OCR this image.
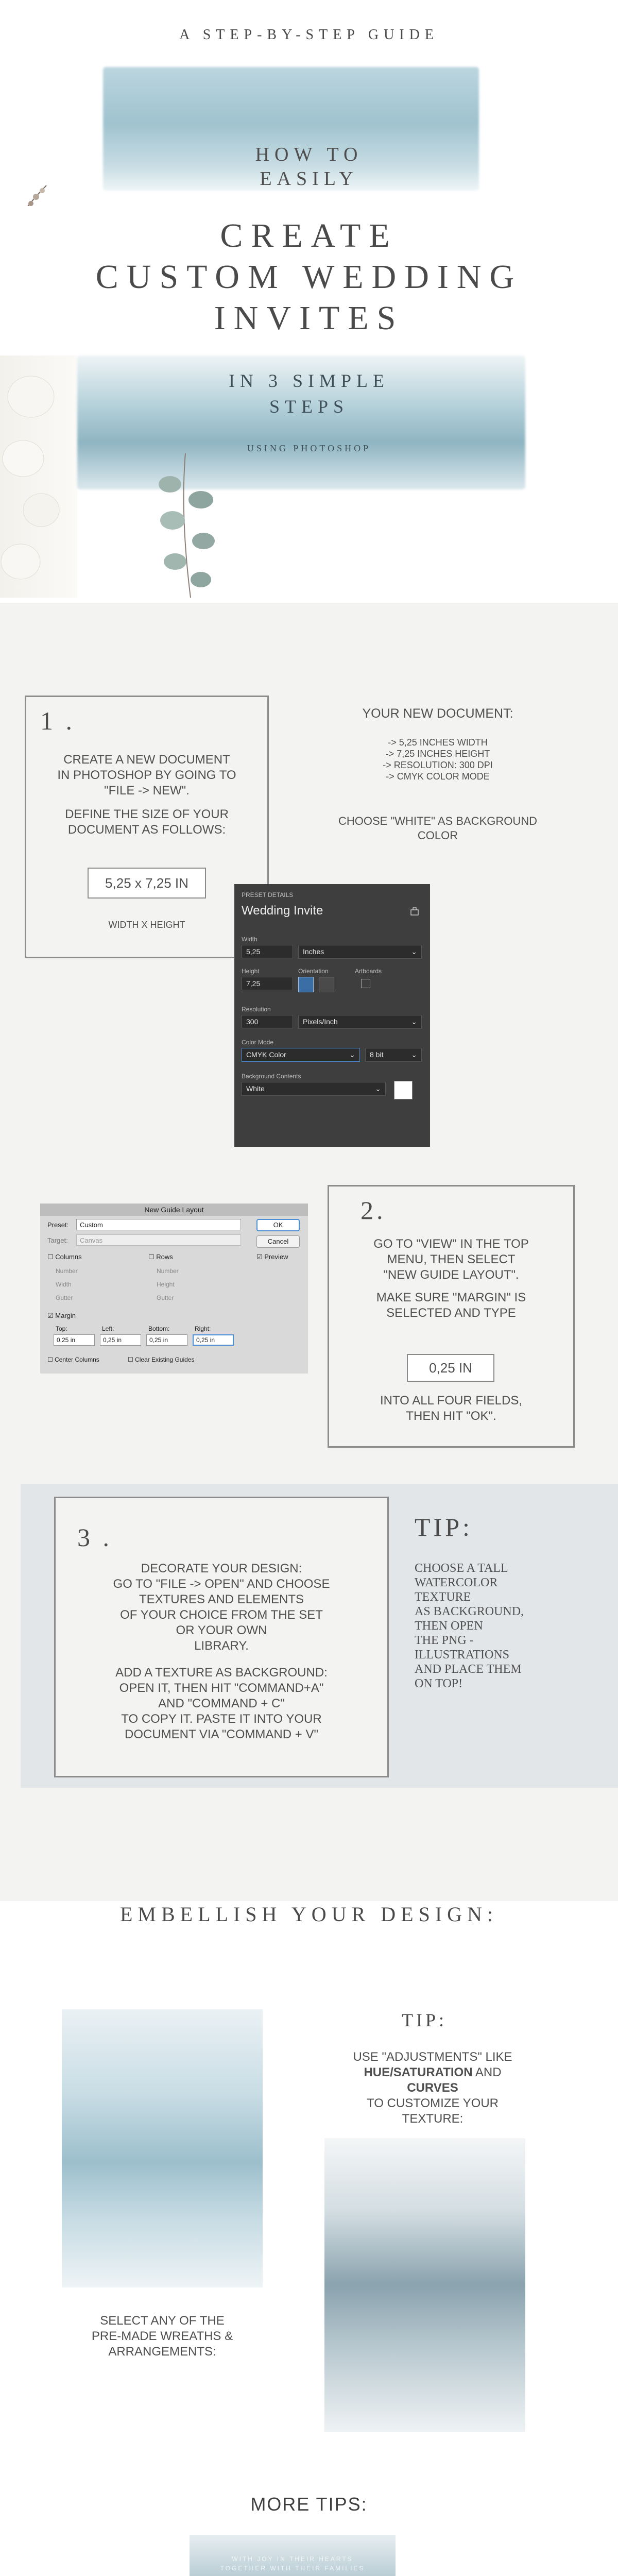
A STEP-BY-STEP GUIDE
HOW TO
EASILY
CREATE
CUSTOM WEDDING
INVITES
IN 3 SIMPLE
STEPS
USING PHOTOSHOP
1 .
CREATE A NEW DOCUMENT
IN PHOTOSHOP BY GOING TO
"FILE -> NEW".
DEFINE THE SIZE OF YOUR
DOCUMENT AS FOLLOWS:
5,25 x 7,25 IN
WIDTH X HEIGHT
YOUR NEW DOCUMENT:
-> 5,25 INCHES WIDTH
-> 7,25 INCHES HEIGHT
-> RESOLUTION: 300 DPI
-> CMYK COLOR MODE
CHOOSE "WHITE" AS BACKGROUND
COLOR
PRESET DETAILS
Wedding Invite
Width
5,25	Inches	⌄
Height
7,25
Orientation	Artboards
Resolution
300	Pixels/Inch	⌄
Color Mode
CMYK Color	⌄	8 bit	⌄
Background Contents
White	⌄
New Guide Layout
Preset:	Custom
Target:	Canvas
☐ Columns	☐ Rows
Number
Width
Gutter
Number
Height
Gutter
☑ Margin
Top:	Left:	Bottom:	Right:
0,25 in	0,25 in	0,25 in	0,25 in
☐ Center Columns	☐ Clear Existing Guides
OK
Cancel
☑ Preview
2.
GO TO "VIEW" IN THE TOP
MENU, THEN SELECT
"NEW GUIDE LAYOUT".
MAKE SURE "MARGIN" IS
SELECTED AND TYPE
0,25 IN
INTO ALL FOUR FIELDS,
THEN HIT "OK".
3 .
DECORATE YOUR DESIGN:
GO TO "FILE -> OPEN" AND CHOOSE
TEXTURES AND ELEMENTS
OF YOUR CHOICE FROM THE SET
OR YOUR OWN
LIBRARY.
ADD A TEXTURE AS BACKGROUND:
OPEN IT, THEN HIT "COMMAND+A"
AND "COMMAND + C"
TO COPY IT. PASTE IT INTO YOUR
DOCUMENT VIA "COMMAND + V"
TIP:
CHOOSE A TALL
WATERCOLOR
TEXTURE
AS BACKGROUND,
THEN OPEN
THE PNG -
ILLUSTRATIONS
AND PLACE THEM
ON TOP!
EMBELLISH YOUR DESIGN:
TIP:
USE "ADJUSTMENTS" LIKE
HUE/SATURATION AND
CURVES
TO CUSTOMIZE YOUR
TEXTURE:
SELECT ANY OF THE
PRE-MADE WREATHS &
ARRANGEMENTS:
MORE TIPS:
WITH JOY IN THEIR HEARTS
TOGETHER WITH THEIR FAMILIES
